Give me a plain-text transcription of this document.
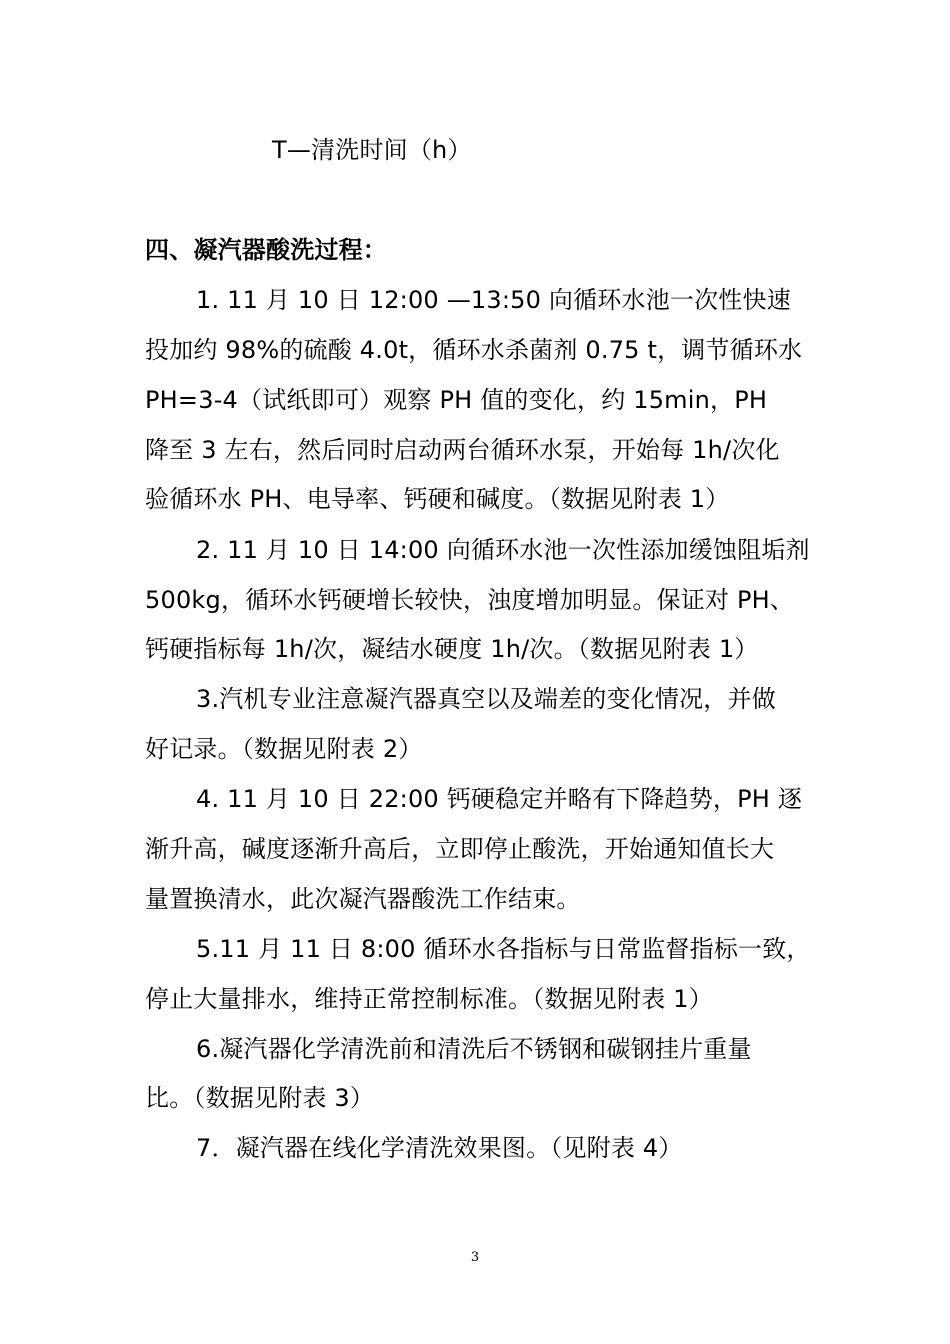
T—清洗时间（h）
四、凝汽器酸洗过程：
1. 11 月 10 日 12:00 —13:50 向循环水池一次性快速
投加约 98%的硫酸 4.0t，循环水杀菌剂 0.75 t，调节循环水
PH=3-4（试纸即可）观察 PH 值的变化，约 15min，PH
降至 3 左右，然后同时启动两台循环水泵，开始每 1h/次化
验循环水 PH、电导率、钙硬和碱度。（数据见附表 1）
2. 11 月 10 日 14:00 向循环水池一次性添加缓蚀阻垢剂
500kg，循环水钙硬增长较快，浊度增加明显。保证对 PH、
钙硬指标每 1h/次，凝结水硬度 1h/次。（数据见附表 1）
3.汽机专业注意凝汽器真空以及端差的变化情况，并做
好记录。（数据见附表 2）
4. 11 月 10 日 22:00 钙硬稳定并略有下降趋势，PH 逐
渐升高，碱度逐渐升高后，立即停止酸洗，开始通知值长大
量置换清水，此次凝汽器酸洗工作结束。
5.11 月 11 日 8:00 循环水各指标与日常监督指标一致，
停止大量排水，维持正常控制标准。（数据见附表 1）
6.凝汽器化学清洗前和清洗后不锈钢和碳钢挂片重量
比。（数据见附表 3）
7．凝汽器在线化学清洗效果图。（见附表 4）
3
